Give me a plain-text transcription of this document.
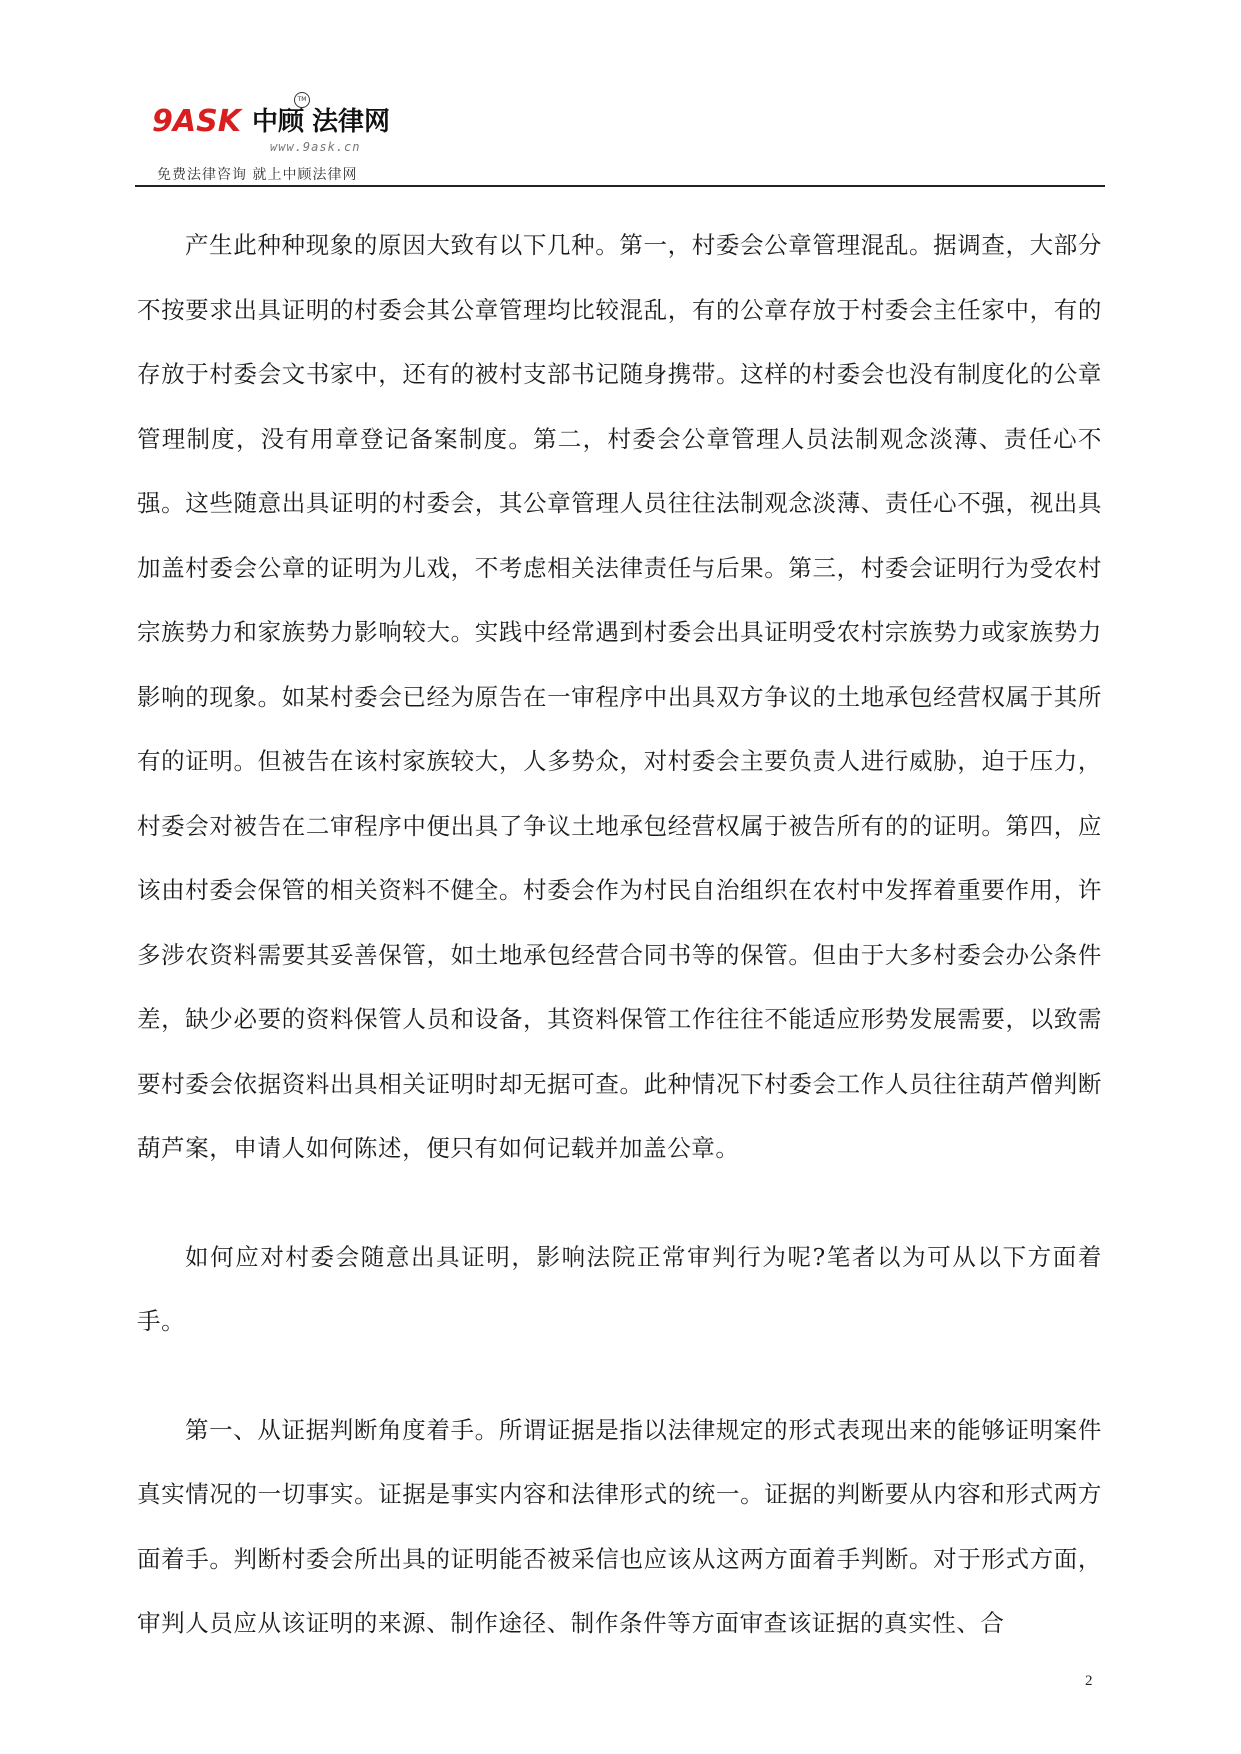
9ASK 中顾 法律网
TM
www.9ask.cn
免费法律咨询 就上中顾法律网

产生此种种现象的原因大致有以下几种。第一，村委会公章管理混乱。据调查，大部分不按要求出具证明的村委会其公章管理均比较混乱，有的公章存放于村委会主任家中，有的存放于村委会文书家中，还有的被村支部书记随身携带。这样的村委会也没有制度化的公章管理制度，没有用章登记备案制度。第二，村委会公章管理人员法制观念淡薄、责任心不强。这些随意出具证明的村委会，其公章管理人员往往法制观念淡薄、责任心不强，视出具加盖村委会公章的证明为儿戏，不考虑相关法律责任与后果。第三，村委会证明行为受农村宗族势力和家族势力影响较大。实践中经常遇到村委会出具证明受农村宗族势力或家族势力影响的现象。如某村委会已经为原告在一审程序中出具双方争议的土地承包经营权属于其所有的证明。但被告在该村家族较大，人多势众，对村委会主要负责人进行威胁，迫于压力，村委会对被告在二审程序中便出具了争议土地承包经营权属于被告所有的的证明。第四，应该由村委会保管的相关资料不健全。村委会作为村民自治组织在农村中发挥着重要作用，许多涉农资料需要其妥善保管，如土地承包经营合同书等的保管。但由于大多村委会办公条件差，缺少必要的资料保管人员和设备，其资料保管工作往往不能适应形势发展需要，以致需要村委会依据资料出具相关证明时却无据可查。此种情况下村委会工作人员往往葫芦僧判断葫芦案，申请人如何陈述，便只有如何记载并加盖公章。

如何应对村委会随意出具证明，影响法院正常审判行为呢?笔者以为可从以下方面着手。

第一、从证据判断角度着手。所谓证据是指以法律规定的形式表现出来的能够证明案件真实情况的一切事实。证据是事实内容和法律形式的统一。证据的判断要从内容和形式两方面着手。判断村委会所出具的证明能否被采信也应该从这两方面着手判断。对于形式方面，审判人员应从该证明的来源、制作途径、制作条件等方面审查该证据的真实性、合

2
